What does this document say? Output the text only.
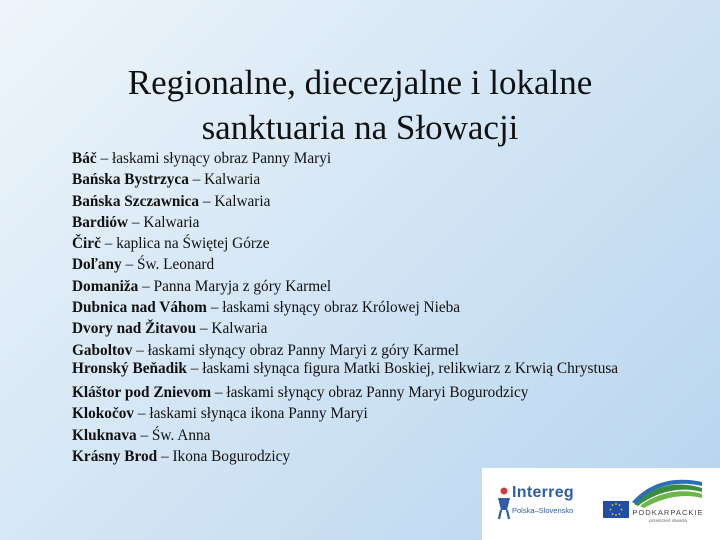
Regionalne, diecezjalne i lokalne
sanktuaria na Słowacji

Báč – łaskami słynący obraz Panny Maryi

Bańska Bystrzyca – Kalwaria

Bańska Szczawnica – Kalwaria

Bardiów – Kalwaria

Čirč – kaplica na Świętej Górze

Doľany – Św. Leonard

Domaniža – Panna Maryja z góry Karmel

Dubnica nad Váhom – łaskami słynący obraz Królowej Nieba

Dvory nad Žitavou – Kalwaria

Gaboltov – łaskami słynący obraz Panny Maryi z góry Karmel

Hronský Beňadik – łaskami słynąca figura Matki Boskiej, relikwiarz z Krwią Chrystusa

Kláštor pod Znievom – łaskami słynący obraz Panny Maryi Bogurodzicy

Klokočov – łaskami słynąca ikona Panny Maryi

Kluknava – Św. Anna

Krásny Brod – Ikona Bogurodzicy

Interreg
Polska–Slovensko	PODKARPACKIE
przestrzeń otwarta
